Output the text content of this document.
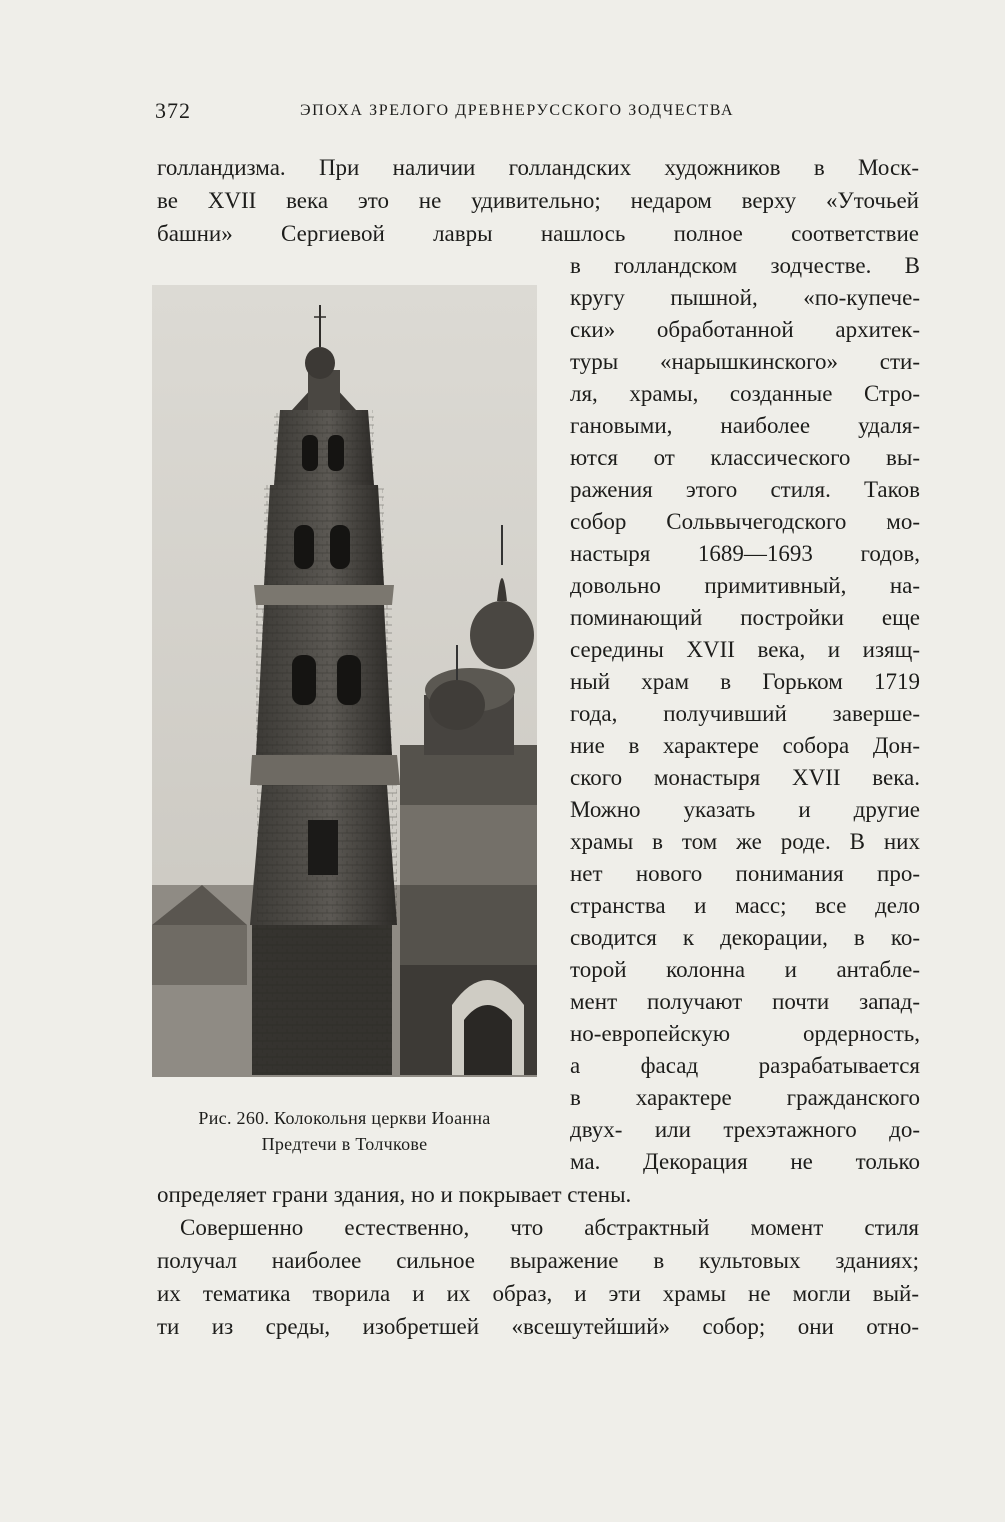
372	ЭПОХА ЗРЕЛОГО ДРЕВНЕРУССКОГО ЗОДЧЕСТВА
голландизма. При наличии голландских художников в Моск-
ве XVII века это не удивительно; недаром верху «Уточьей
башни» Сергиевой лавры нашлось полное соответствие
в голландском зодчестве. В
кругу пышной, «по-купече-
ски» обработанной архитек-
туры «нарышкинского» сти-
ля, храмы, созданные Стро-
гановыми, наиболее удаля-
ются от классического вы-
ражения этого стиля. Таков
собор Сольвычегодского мо-
настыря 1689—1693 годов,
довольно примитивный, на-
поминающий постройки еще
середины XVII века, и изящ-
ный храм в Горьком 1719
года, получивший заверше-
ние в характере собора Дон-
ского монастыря XVII века.
Можно указать и другие
храмы в том же роде. В них
нет нового понимания про-
странства и масс; все дело
сводится к декорации, в ко-
торой колонна и антабле-
мент получают почти запад-
но-европейскую ордерность,
а фасад разрабатывается
в характере гражданского
двух- или трехэтажного до-
ма. Декорация не только
определяет грани здания, но и покрывает стены.
Совершенно естественно, что абстрактный момент стиля
получал наиболее сильное выражение в культовых зданиях;
их тематика творила и их образ, и эти храмы не могли вый-
ти из среды, изобретшей «всешутейший» собор; они отно-
Рис. 260. Колокольня церкви Иоанна
Предтечи в Толчкове
